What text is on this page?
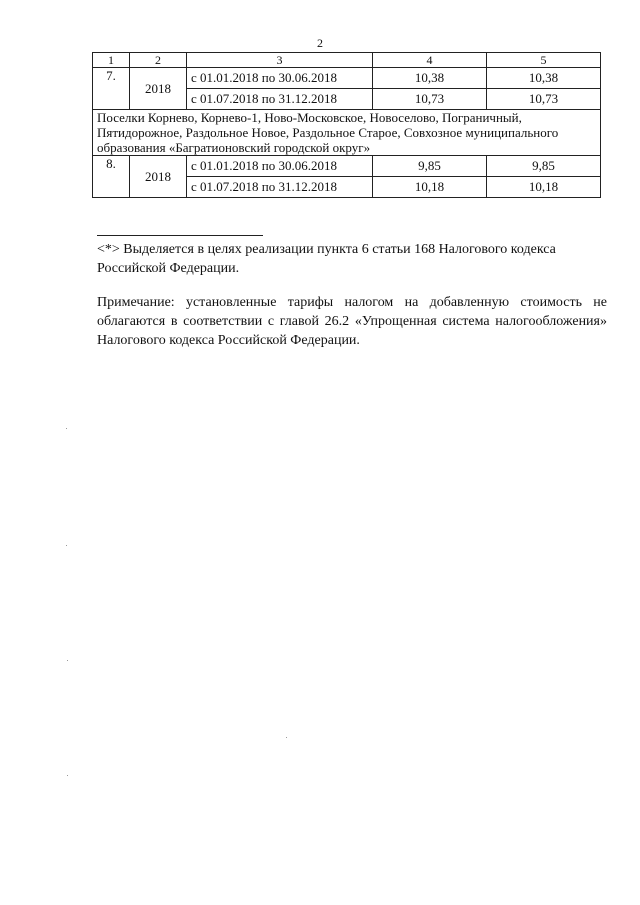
2
1	2	3	4	5
7.	2018	с 01.01.2018 по 30.06.2018	10,38	10,38
		с 01.07.2018 по 31.12.2018	10,73	10,73
Поселки Корнево, Корнево-1, Ново-Московское, Новоселово, Пограничный, Пятидорожное, Раздольное Новое, Раздольное Старое, Совхозное муниципального образования «Багратионовский городской округ»				
8.	2018	с 01.01.2018 по 30.06.2018	9,85	9,85
		с 01.07.2018 по 31.12.2018	10,18	10,18
<*> Выделяется в целях реализации пункта 6 статьи 168 Налогового кодекса Российской Федерации.
Примечание: установленные тарифы налогом на добавленную стоимость не облагаются в соответствии с главой 26.2 «Упрощенная система налогообложения» Налогового кодекса Российской Федерации.
